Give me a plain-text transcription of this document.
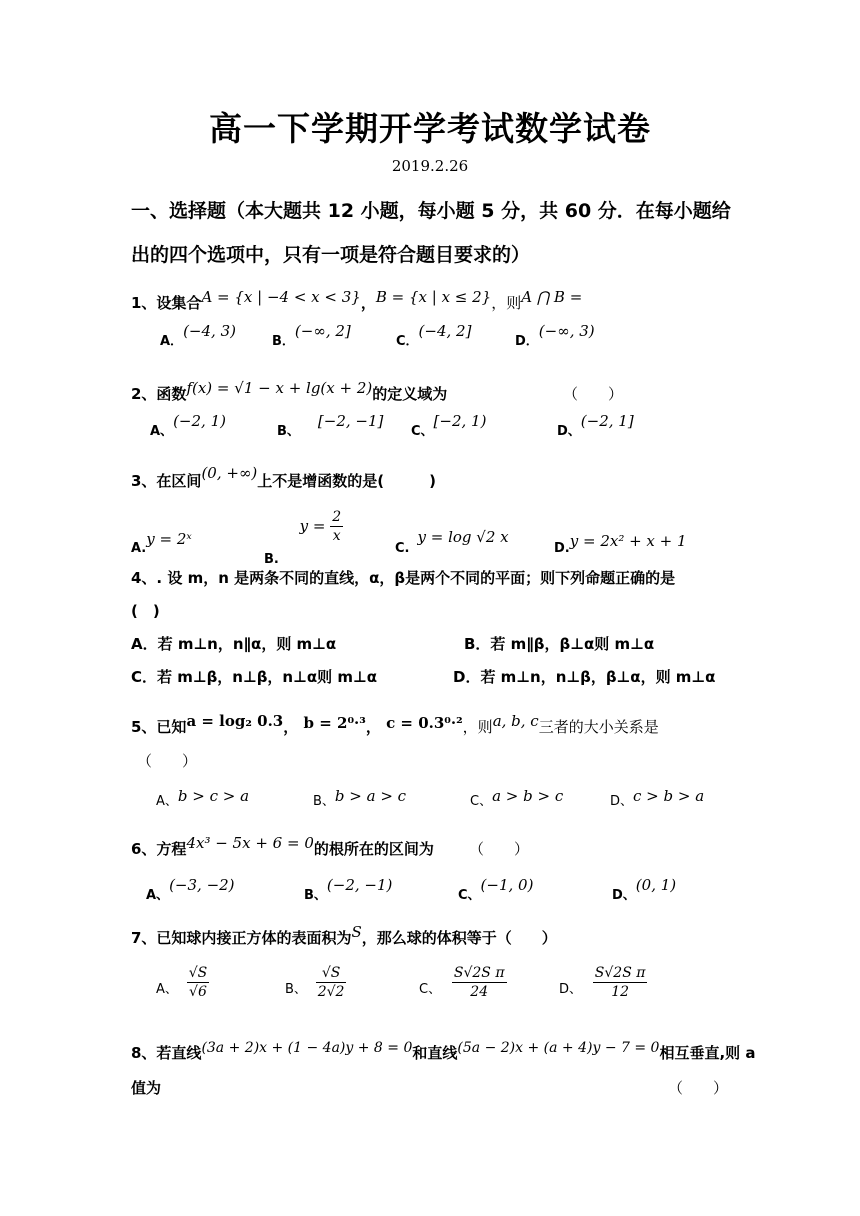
高一下学期开学考试数学试卷
2019.2.26
一、选择题（本大题共 12 小题，每小题 5 分，共 60 分．在每小题给
出的四个选项中，只有一项是符合题目要求的）
1、设集合A = {x | −4 < x < 3}，B = {x | x ≤ 2}，则A ⋂ B =
A．(−4, 3)
B．(−∞, 2]
C．(−4, 2]
D．(−∞, 3)
2、函数f(x) = √1 − x + lg(x + 2)的定义域为	（　　）
A、(−2, 1)
B、[−2, −1]
C、[−2, 1)
D、(−2, 1]
3、在区间(0, +∞)上不是增函数的是(　　　)
A.y = 2ˣ
B. $y = \frac{2}{x}$
C.y = log √2 x
D.y = 2x² + x + 1
4、. 设 m，n 是两条不同的直线，α，β是两个不同的平面；则下列命题正确的是
(　)
A．若 m⊥n，n∥α，则 m⊥α	B．若 m∥β，β⊥α则 m⊥α
C．若 m⊥β，n⊥β，n⊥α则 m⊥α	D．若 m⊥n，n⊥β，β⊥α，则 m⊥α
5、已知a = log₂ 0.3， b = 2⁰·³， c = 0.3⁰·²，则a, b, c三者的大小关系是
（　　）
A、b > c > a	B、b > a > c	C、a > b > c	D、c > b > a
6、方程4x³ − 5x + 6 = 0的根所在的区间为 （　　）
A、(−3, −2)
B、(−2, −1)
C、(−1, 0)
D、(0, 1)
7、已知球内接正方体的表面积为S，那么球的体积等于（　　）
A、 $\frac{√S}{√6}$	B、 $\frac{√S}{2√2}$	C、 $\frac{\text{S√2S π}}{24}$	D、 $\frac{\text{S√2S π}}{12}$
8、若直线(3a + 2)x + (1 − 4a)y + 8 = 0和直线(5a − 2)x + (a + 4)y − 7 = 0相互垂直,则 a
值为	（　　）
